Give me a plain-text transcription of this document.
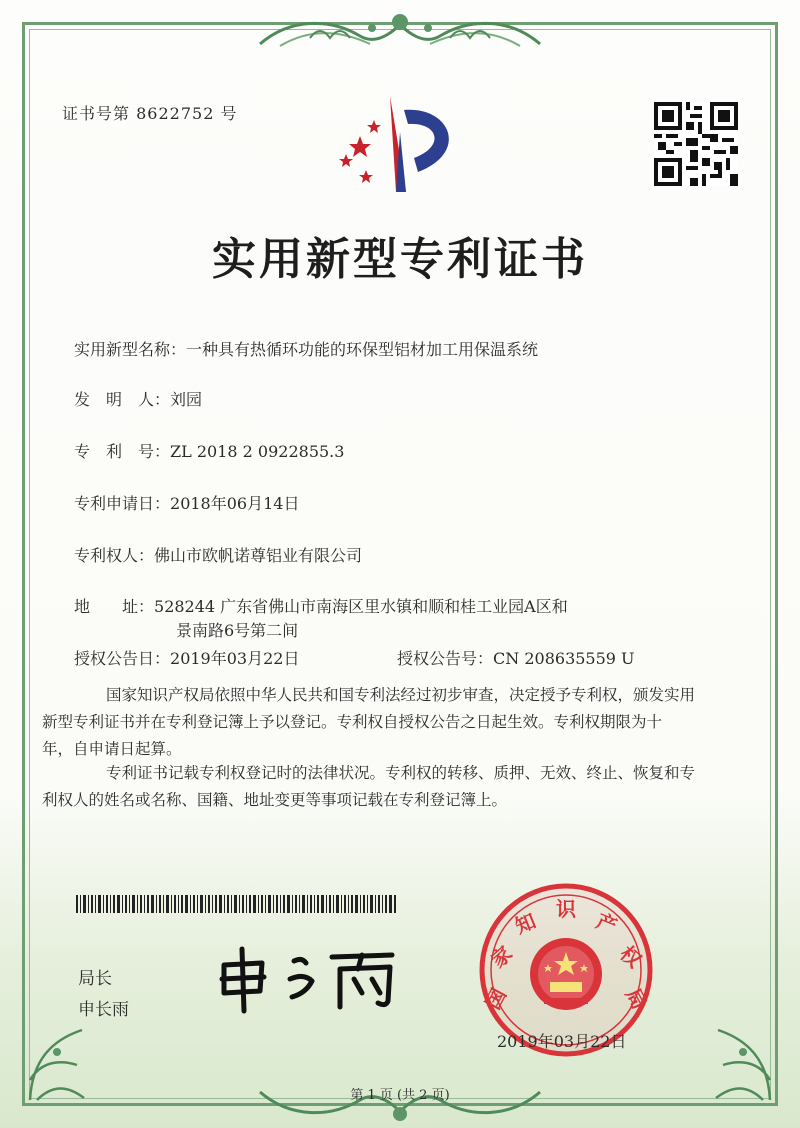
证书号第 8622752 号
实用新型专利证书
实用新型名称：一种具有热循环功能的环保型铝材加工用保温系统
发　明　人：刘园
专　利　号：ZL 2018 2 0922855.3
专利申请日：2018年06月14日
专利权人：佛山市欧帆诺尊铝业有限公司
地　　址：528244 广东省佛山市南海区里水镇和顺和桂工业园A区和
景南路6号第二间
授权公告日：2019年03月22日	授权公告号：CN 208635559 U
国家知识产权局依照中华人民共和国专利法经过初步审查，决定授予专利权，颁发实用
新型专利证书并在专利登记簿上予以登记。专利权自授权公告之日起生效。专利权期限为十
年，自申请日起算。
专利证书记载专利权登记时的法律状况。专利权的转移、质押、无效、终止、恢复和专
利权人的姓名或名称、国籍、地址变更等事项记载在专利登记簿上。
局长
申长雨	国
家
知 识 产
权
局
2019年03月22日
第 1 页 (共 2 页)
